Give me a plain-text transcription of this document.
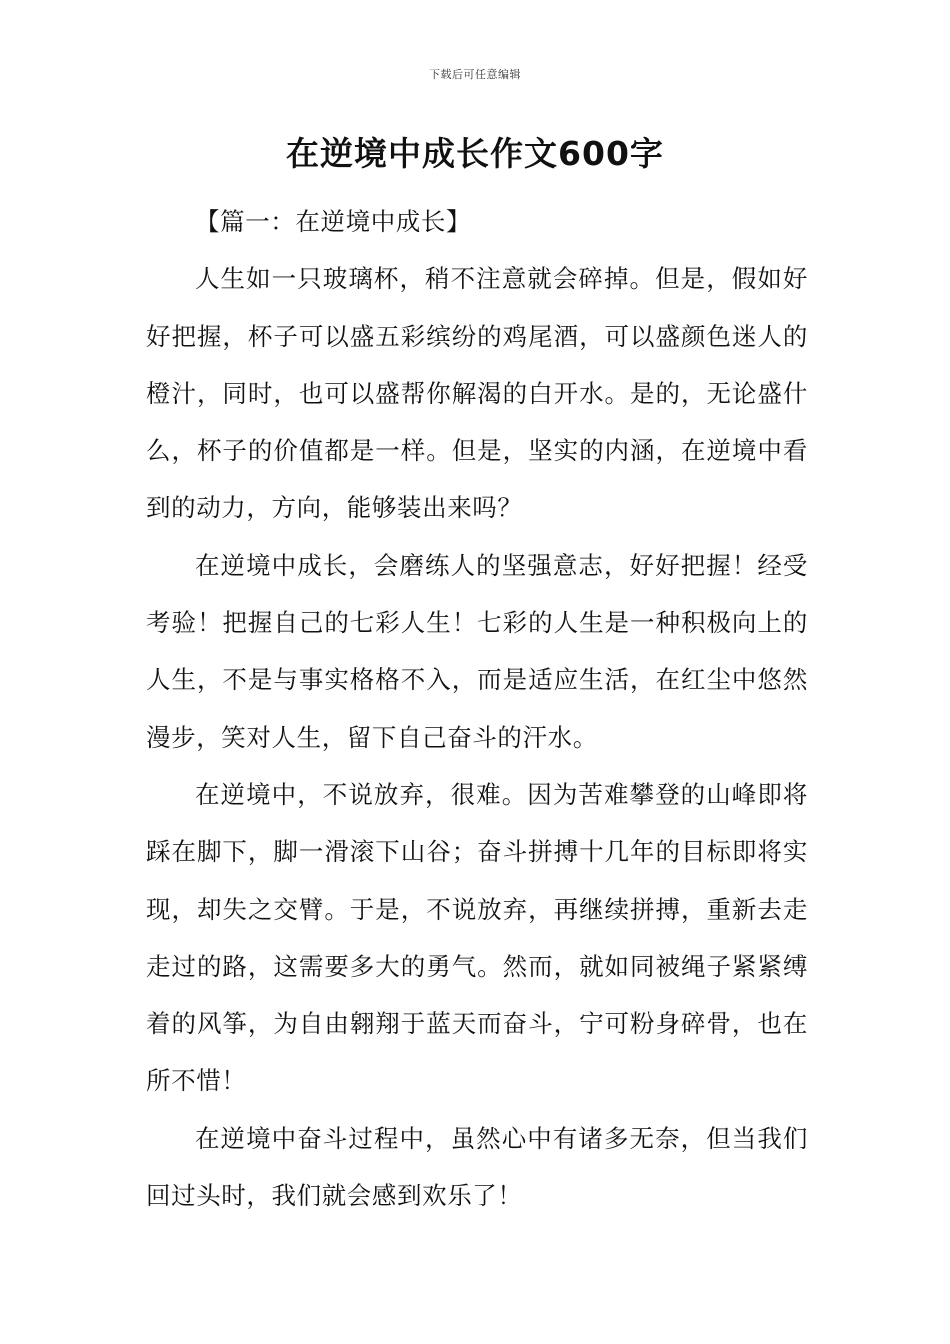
下载后可任意编辑
在逆境中成长作文600字

【篇一：在逆境中成长】

人生如一只玻璃杯，稍不注意就会碎掉。但是，假如好好把握，杯子可以盛五彩缤纷的鸡尾酒，可以盛颜色迷人的橙汁，同时，也可以盛帮你解渴的白开水。是的，无论盛什么，杯子的价值都是一样。但是，坚实的内涵，在逆境中看到的动力，方向，能够装出来吗？

在逆境中成长，会磨练人的坚强意志，好好把握！经受考验！把握自己的七彩人生！七彩的人生是一种积极向上的人生，不是与事实格格不入，而是适应生活，在红尘中悠然漫步，笑对人生，留下自己奋斗的汗水。

在逆境中，不说放弃，很难。因为苦难攀登的山峰即将踩在脚下，脚一滑滚下山谷；奋斗拼搏十几年的目标即将实现，却失之交臂。于是，不说放弃，再继续拼搏，重新去走走过的路，这需要多大的勇气。然而，就如同被绳子紧紧缚着的风筝，为自由翱翔于蓝天而奋斗，宁可粉身碎骨，也在所不惜！

在逆境中奋斗过程中，虽然心中有诸多无奈，但当我们回过头时，我们就会感到欢乐了！
